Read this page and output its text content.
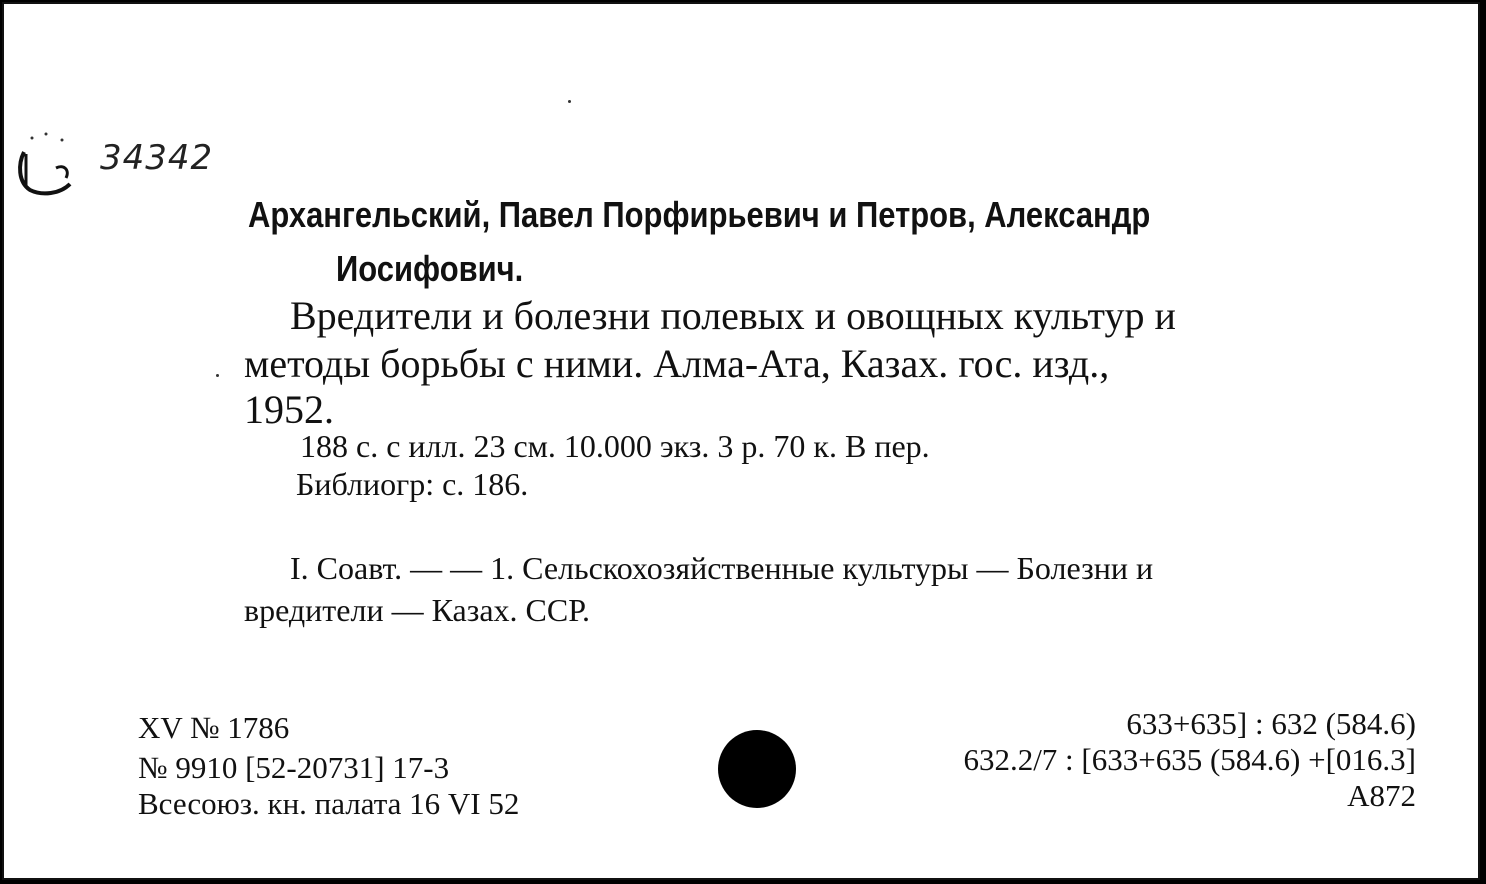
34342
Архангельский, Павел Порфирьевич и Петров, Александр
Иосифович.
Вредители и болезни полевых и овощных культур и
методы борьбы с ними. Алма-Ата, Казах. гос. изд.,
1952.
188 с. с илл. 23 см. 10.000 экз. 3 р. 70 к. В пер.
Библиогр: с. 186.
I. Соавт. — — 1. Сельскохозяйственные культуры — Болезни и
вредители — Казах. ССР.
XV № 1786
№ 9910 [52-20731] 17-3
Всесоюз. кн. палата 16 VI 52
633+635] : 632 (584.6)
632.2/7 : [633+635 (584.6) +[016.3]
А872
